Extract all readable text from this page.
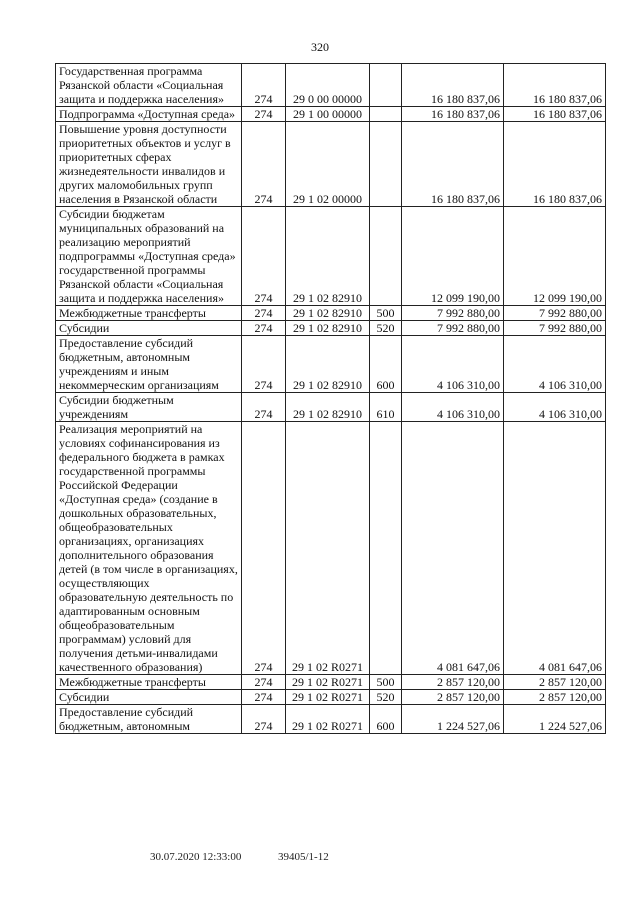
320
Государственная программа Рязанской области «Социальная защита и поддержка населения»	274	29 0 00 00000		16 180 837,06	16 180 837,06
Подпрограмма «Доступная среда»	274	29 1 00 00000		16 180 837,06	16 180 837,06
Повышение уровня доступности приоритетных объектов и услуг в приоритетных сферах жизнедеятельности инвалидов и других маломобильных групп населения в Рязанской области	274	29 1 02 00000		16 180 837,06	16 180 837,06
Субсидии бюджетам муниципальных образований на реализацию мероприятий подпрограммы «Доступная среда» государственной программы Рязанской области «Социальная защита и поддержка населения»	274	29 1 02 82910		12 099 190,00	12 099 190,00
Межбюджетные трансферты	274	29 1 02 82910	500	7 992 880,00	7 992 880,00
Субсидии	274	29 1 02 82910	520	7 992 880,00	7 992 880,00
Предоставление субсидий бюджетным, автономным учреждениям и иным некоммерческим организациям	274	29 1 02 82910	600	4 106 310,00	4 106 310,00
Субсидии бюджетным учреждениям	274	29 1 02 82910	610	4 106 310,00	4 106 310,00
Реализация мероприятий на условиях софинансирования из федерального бюджета в рамках государственной программы Российской Федерации «Доступная среда» (создание в дошкольных образовательных, общеобразовательных организациях, организациях дополнительного образования детей (в том числе в организациях, осуществляющих образовательную деятельность по адаптированным основным общеобразовательным программам) условий для получения детьми-инвалидами качественного образования)	274	29 1 02 R0271		4 081 647,06	4 081 647,06
Межбюджетные трансферты	274	29 1 02 R0271	500	2 857 120,00	2 857 120,00
Субсидии	274	29 1 02 R0271	520	2 857 120,00	2 857 120,00
Предоставление субсидий бюджетным, автономным	274	29 1 02 R0271	600	1 224 527,06	1 224 527,06
30.07.2020 12:33:00	39405/1-12
